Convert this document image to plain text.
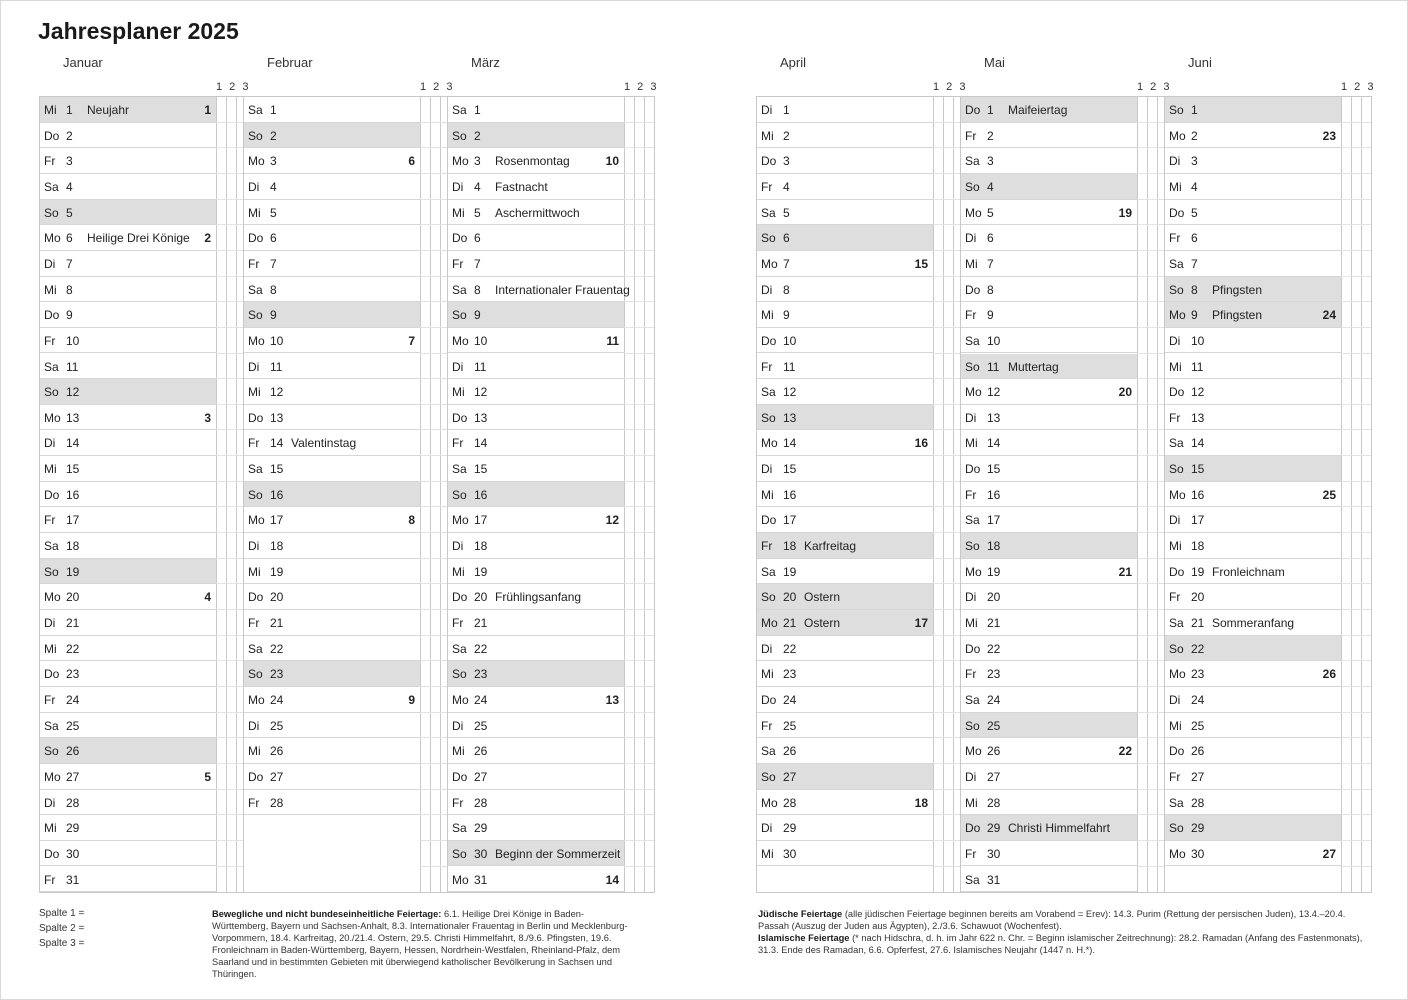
Jahresplaner 2025
Januar
1 2 3
Mi 1	Neujahr	1
Do 2
Fr 3
Sa 4
So 5
Mo 6	Heilige Drei Könige 2
Di 7
Mi 8
Do 9
Fr 10
Sa 11
So 12
Mo 13	3
Di 14
Mi 15
Do 16
Fr 17
Sa 18
So 19
Mo 20	4
Di 21
Mi 22
Do 23
Fr 24
Sa 25
So 26
Mo 27	5
Di 28
Mi 29
Do 30
Fr 31
Februar
1 2 3
Sa 1
So 2
Mo 3	6
Di 4
Mi 5
Do 6
Fr 7
Sa 8
So 9
Mo 10	7
Di 11
Mi 12
Do 13
Fr 14 Valentinstag
Sa 15
So 16
Mo 17	8
Di 18
Mi 19
Do 20
Fr 21
Sa 22
So 23
Mo 24	9
Di 25
Mi 26
Do 27
Fr 28
März
1 2 3
Sa 1
So 2
Mo 3	Rosenmontag	10
Di 4	Fastnacht
Mi 5	Aschermittwoch
Do 6
Fr 7
Sa 8	Internationaler Frauentag
So 9
Mo 10	11
Di 11
Mi 12
Do 13
Fr 14
Sa 15
So 16
Mo 17	12
Di 18
Mi 19
Do 20 Frühlingsanfang
Fr 21
Sa 22
So 23
Mo 24	13
Di 25
Mi 26
Do 27
Fr 28
Sa 29
So 30 Beginn der Sommerzeit
Mo 31	14
April
1 2 3
Di 1
Mi 2
Do 3
Fr 4
Sa 5
So 6
Mo 7	15
Di 8
Mi 9
Do 10
Fr 11
Sa 12
So 13
Mo 14	16
Di 15
Mi 16
Do 17
Fr 18 Karfreitag
Sa 19
So 20 Ostern
Mo 21 Ostern	17
Di 22
Mi 23
Do 24
Fr 25
Sa 26
So 27
Mo 28	18
Di 29
Mi 30
Mai
1 2 3
Do 1	Maifeiertag
Fr 2
Sa 3
So 4
Mo 5	19
Di 6
Mi 7
Do 8
Fr 9
Sa 10
So 11 Muttertag
Mo 12	20
Di 13
Mi 14
Do 15
Fr 16
Sa 17
So 18
Mo 19	21
Di 20
Mi 21
Do 22
Fr 23
Sa 24
So 25
Mo 26	22
Di 27
Mi 28
Do 29 Christi Himmelfahrt
Fr 30
Sa 31
Juni
1 2 3
So 1
Mo 2	23
Di 3
Mi 4
Do 5
Fr 6
Sa 7
So 8	Pfingsten
Mo 9	Pfingsten	24
Di 10
Mi 11
Do 12
Fr 13
Sa 14
So 15
Mo 16	25
Di 17
Mi 18
Do 19 Fronleichnam
Fr 20
Sa 21 Sommeranfang
So 22
Mo 23	26
Di 24
Mi 25
Do 26
Fr 27
Sa 28
So 29
Mo 30	27
Spalte 1 =
Spalte 2 =
Spalte 3 =
Bewegliche und nicht bundeseinheitliche Feiertage: 6.1. Heilige Drei Könige in Baden-Württemberg, Bayern und Sachsen-Anhalt, 8.3. Internationaler Frauentag in Berlin und Mecklenburg-Vorpommern, 18.4. Karfreitag, 20./21.4. Ostern, 29.5. Christi Himmelfahrt, 8./9.6. Pfingsten, 19.6. Fronleichnam in Baden-Württemberg, Bayern, Hessen, Nordrhein-Westfalen, Rheinland-Pfalz, dem Saarland und in bestimmten Gebieten mit überwiegend katholischer Bevölkerung in Sachsen und Thüringen.
Jüdische Feiertage (alle jüdischen Feiertage beginnen bereits am Vorabend = Erev): 14.3. Purim (Rettung der persischen Juden), 13.4.–20.4. Passah (Auszug der Juden aus Ägypten), 2./3.6. Schawuot (Wochenfest).
Islamische Feiertage (* nach Hidschra, d. h. im Jahr 622 n. Chr. = Beginn islamischer Zeitrechnung): 28.2. Ramadan (Anfang des Fastenmonats), 31.3. Ende des Ramadan, 6.6. Opferfest, 27.6. Islamisches Neujahr (1447 n. H.*).
